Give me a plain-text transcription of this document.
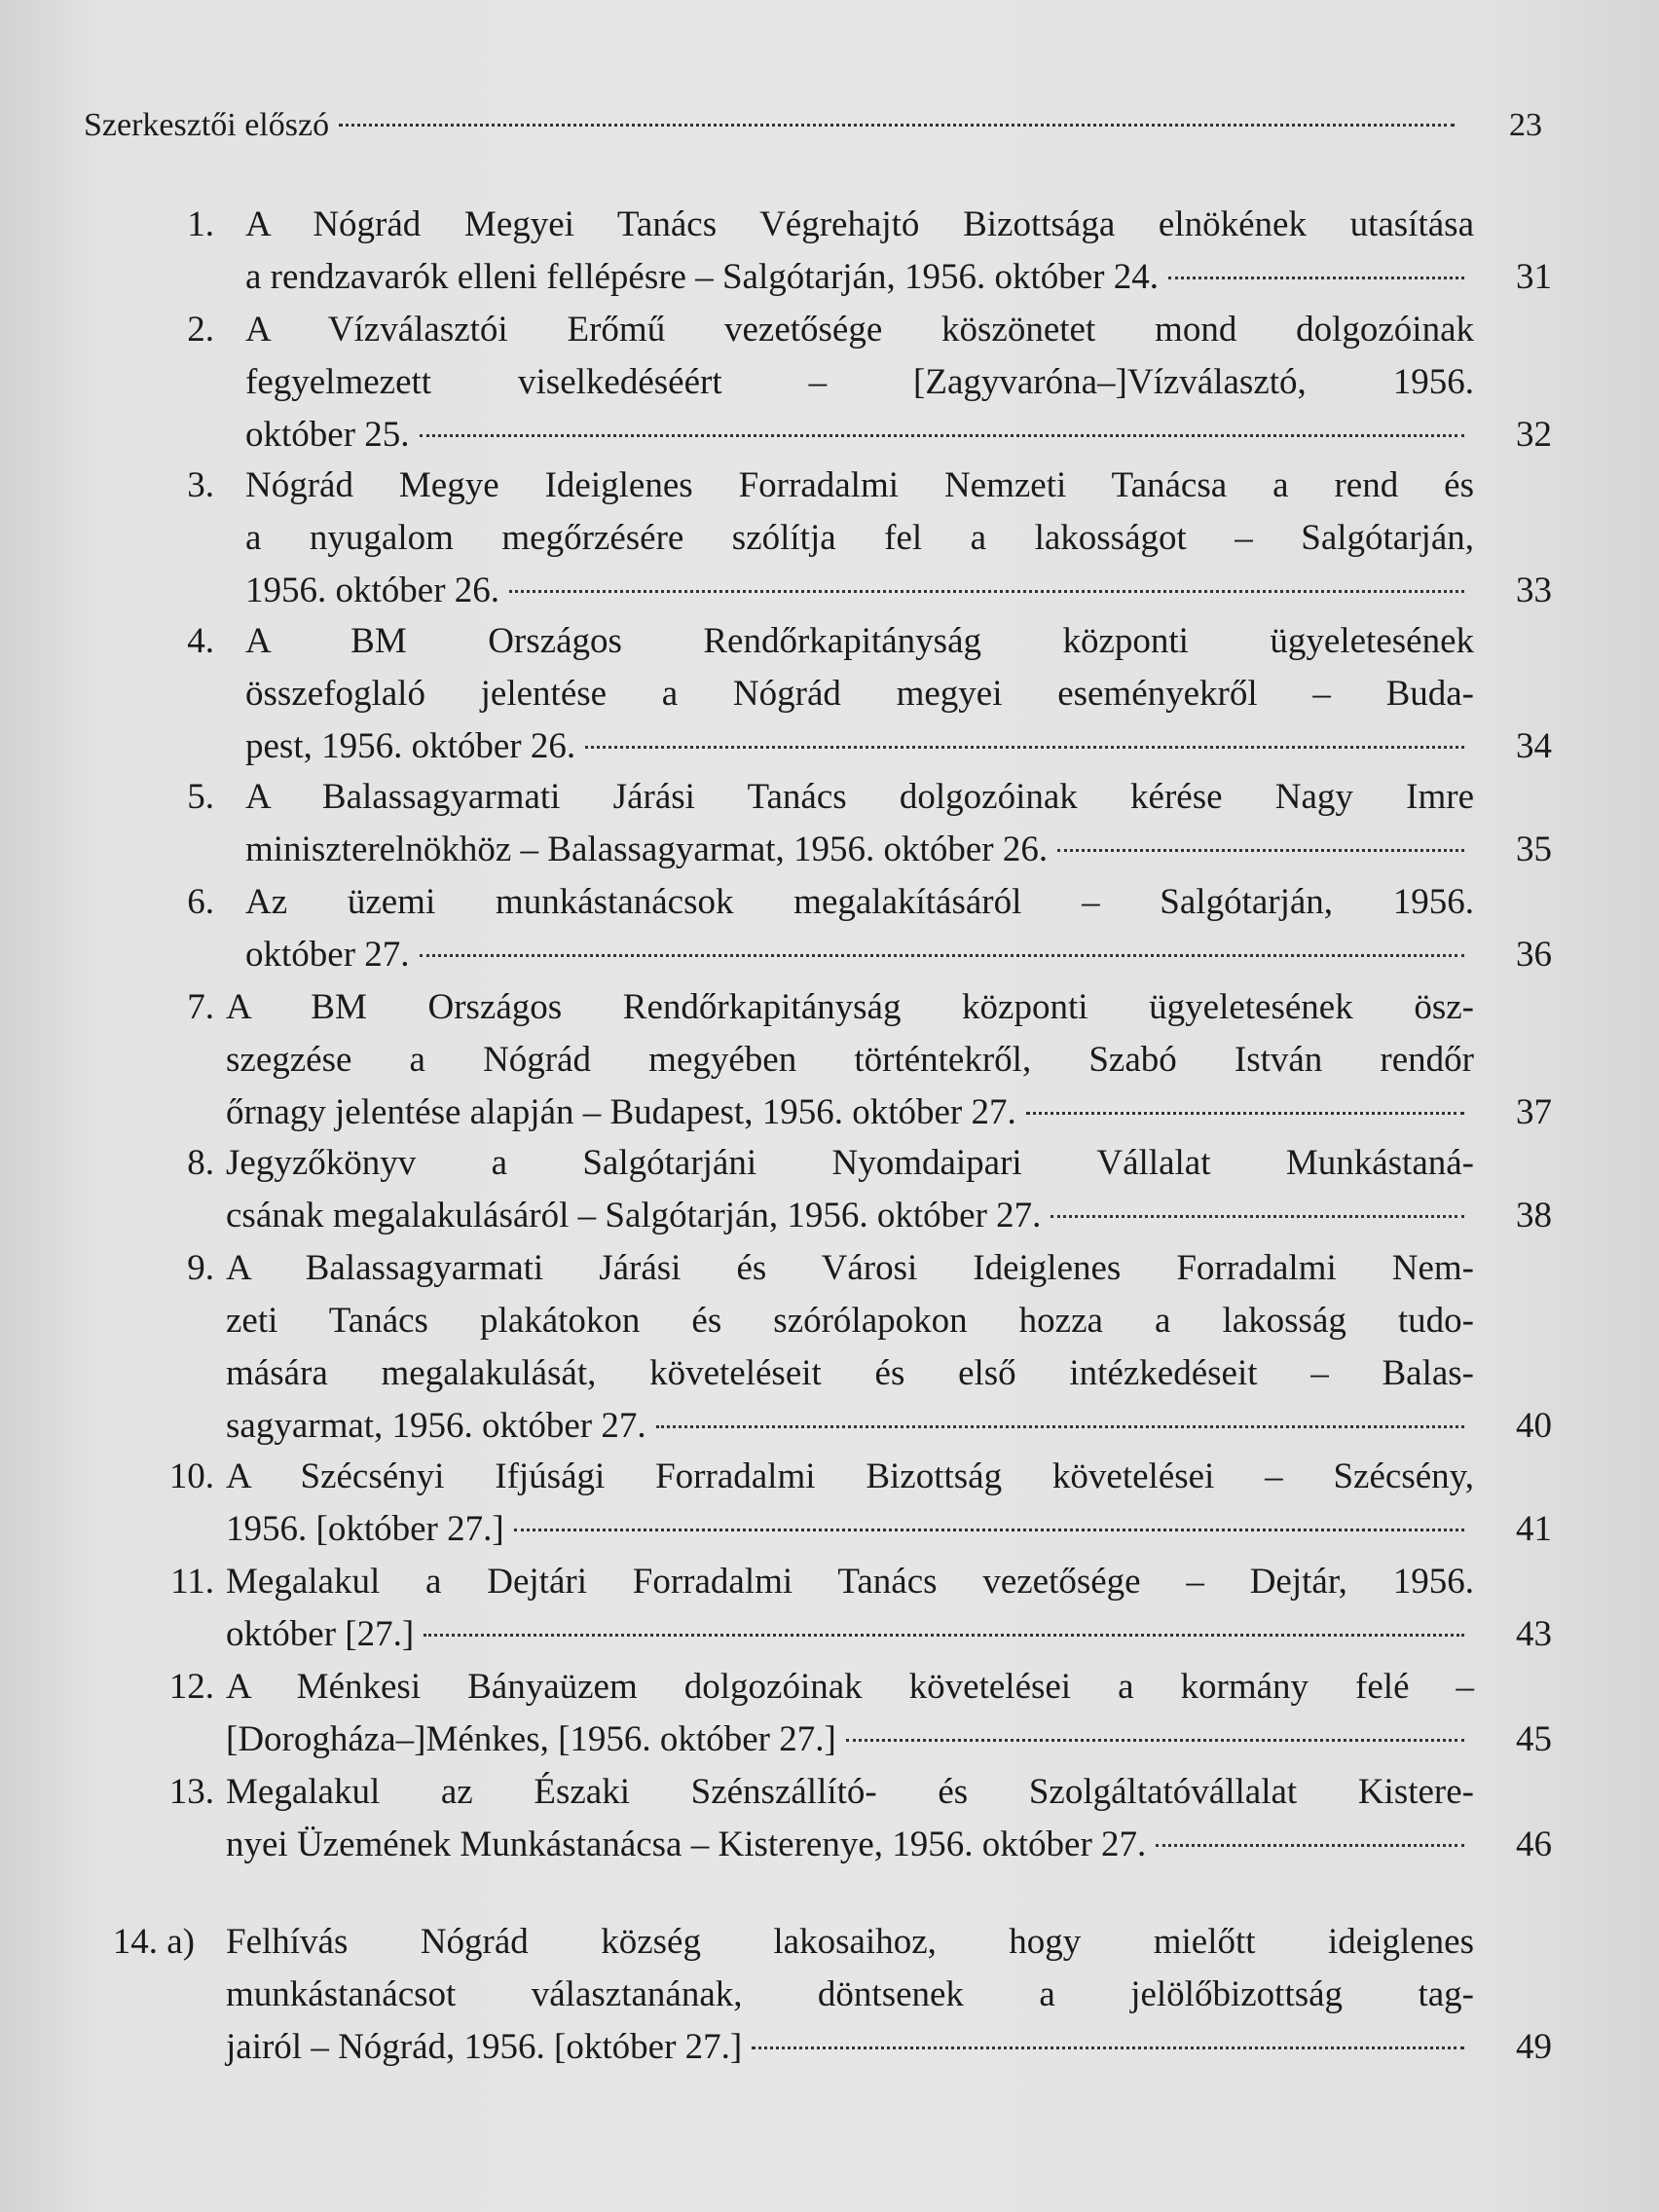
Szerkesztői előszó	23
1. A Nógrád Megyei Tanács Végrehajtó Bizottsága elnökének utasítása
a rendzavarók elleni fellépésre – Salgótarján, 1956. október 24.	31
2. A Vízválasztói Erőmű vezetősége köszönetet mond dolgozóinak
fegyelmezett viselkedéséért – [Zagyvaróna–]Vízválasztó, 1956.
október 25.	32
3. Nógrád Megye Ideiglenes Forradalmi Nemzeti Tanácsa a rend és
a nyugalom megőrzésére szólítja fel a lakosságot – Salgótarján,
1956. október 26.	33
4. A BM Országos Rendőrkapitányság központi ügyeletesének
összefoglaló jelentése a Nógrád megyei eseményekről – Buda-
pest, 1956. október 26.	34
5. A Balassagyarmati Járási Tanács dolgozóinak kérése Nagy Imre
miniszterelnökhöz – Balassagyarmat, 1956. október 26.	35
6. Az üzemi munkástanácsok megalakításáról – Salgótarján, 1956.
október 27.	36
7. A BM Országos Rendőrkapitányság központi ügyeletesének ösz-
szegzése a Nógrád megyében történtekről, Szabó István rendőr
őrnagy jelentése alapján – Budapest, 1956. október 27.	37
8. Jegyzőkönyv a Salgótarjáni Nyomdaipari Vállalat Munkástaná-
csának megalakulásáról – Salgótarján, 1956. október 27.	38
9. A Balassagyarmati Járási és Városi Ideiglenes Forradalmi Nem-
zeti Tanács plakátokon és szórólapokon hozza a lakosság tudo-
mására megalakulását, követeléseit és első intézkedéseit – Balas-
sagyarmat, 1956. október 27.	40
10. A Szécsényi Ifjúsági Forradalmi Bizottság követelései – Szécsény,
1956. [október 27.]	41
11. Megalakul a Dejtári Forradalmi Tanács vezetősége – Dejtár, 1956.
október [27.]	43
12. A Ménkesi Bányaüzem dolgozóinak követelései a kormány felé –
[Dorogháza–]Ménkes, [1956. október 27.]	45
13. Megalakul az Északi Szénszállító- és Szolgáltatóvállalat Kistere-
nyei Üzemének Munkástanácsa – Kisterenye, 1956. október 27.	46
14. a) Felhívás Nógrád község lakosaihoz, hogy mielőtt ideiglenes
munkástanácsot választanának, döntsenek a jelölőbizottság tag-
jairól – Nógrád, 1956. [október 27.]	49
